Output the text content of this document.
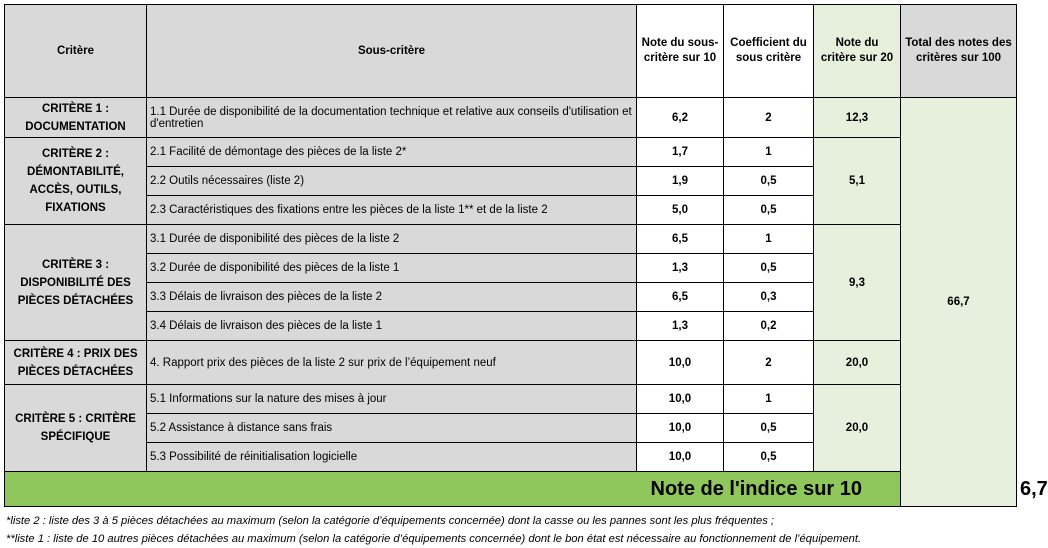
Critère	Sous-critère	Note du sous-critère sur 10	Coefficient du sous critère	Note du critère sur 20	Total des notes des critères sur 100	
CRITÈRE 1 : DOCUMENTATION	1.1 Durée de disponibilité de la documentation technique et relative aux conseils d'utilisation et d'entretien	6,2	2	12,3	66,7	
CRITÈRE 2 : DÉMONTABILITÉ, ACCÈS, OUTILS, FIXATIONS	2.1 Facilité de démontage des pièces de la liste 2*	1,7	1	5,1		
	2.2 Outils nécessaires (liste 2)	1,9	0,5			
	2.3 Caractéristiques des fixations entre les pièces de la liste 1** et de la liste 2	5,0	0,5			
CRITÈRE 3 : DISPONIBILITÉ DES PIÈCES DÉTACHÉES	3.1 Durée de disponibilité des pièces de la liste 2	6,5	1	9,3		
	3.2 Durée de disponibilité des pièces de la liste 1	1,3	0,5			
	3.3 Délais de livraison des pièces de la liste 2	6,5	0,3			
	3.4 Délais de livraison des pièces de la liste 1	1,3	0,2			
CRITÈRE 4 : PRIX DES PIÈCES DÉTACHÉES	4. Rapport prix des pièces de la liste 2 sur prix de l’équipement neuf	10,0	2	20,0		
CRITÈRE 5 : CRITÈRE SPÉCIFIQUE	5.1 Informations sur la nature des mises à jour	10,0	1	20,0		
	5.2 Assistance à distance sans frais	10,0	0,5			
	5.3 Possibilité de réinitialisation logicielle	10,0	0,5			
Note de l'indice sur 10						6,7
*liste 2 : liste des 3 à 5 pièces détachées au maximum (selon la catégorie d’équipements concernée) dont la casse ou les pannes sont les plus fréquentes ;
**liste 1 : liste de 10 autres pièces détachées au maximum (selon la catégorie d’équipements concernée) dont le bon état est nécessaire au fonctionnement de l’équipement.
